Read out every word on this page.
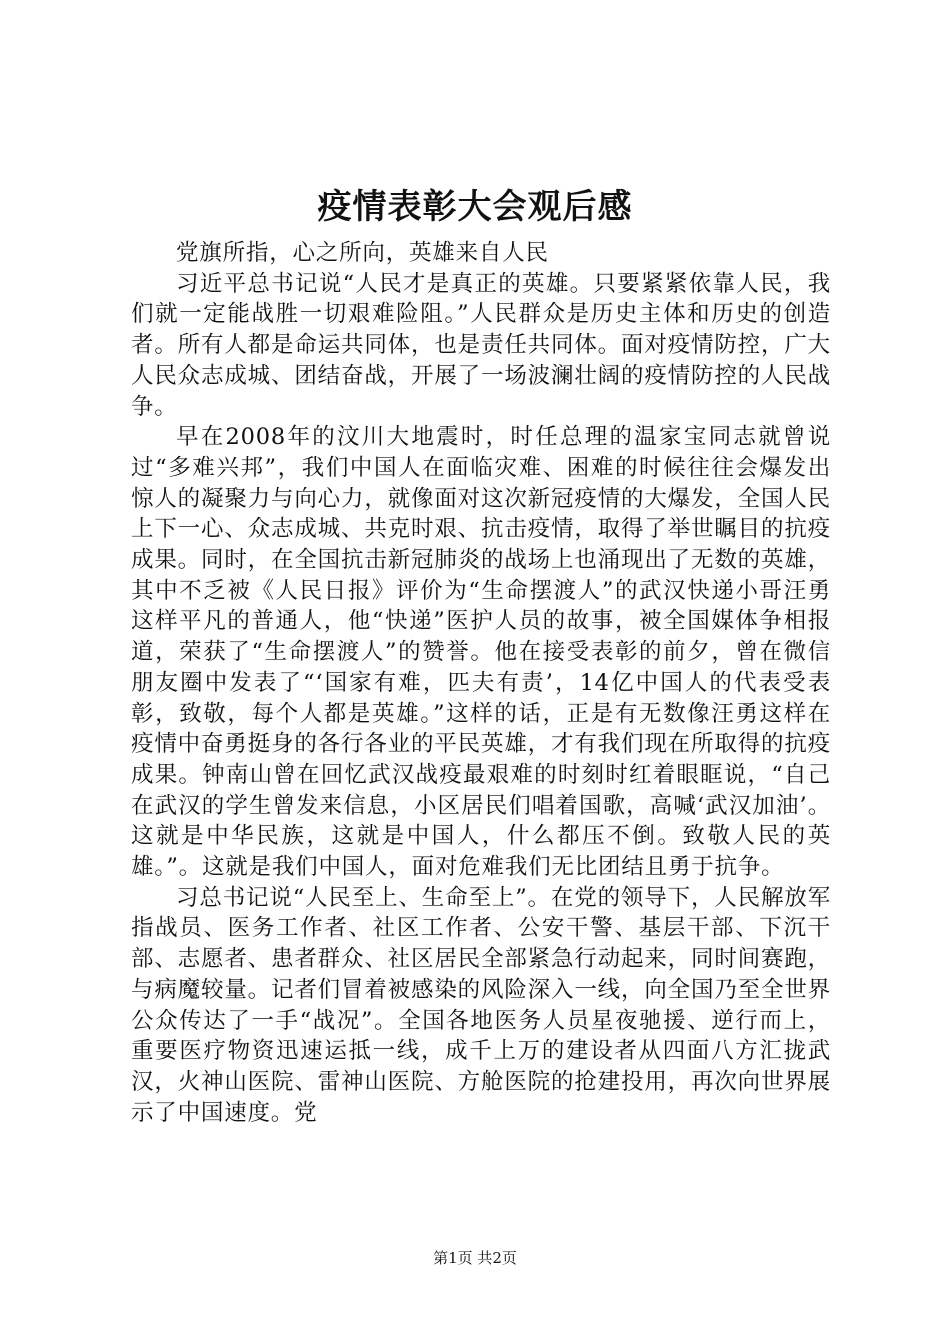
疫情表彰大会观后感

党旗所指，心之所向，英雄来自人民

习近平总书记说“人民才是真正的英雄。只要紧紧依靠人民，我们就一定能战胜一切艰难险阻。”人民群众是历史主体和历史的创造者。所有人都是命运共同体，也是责任共同体。面对疫情防控，广大人民众志成城、团结奋战，开展了一场波澜壮阔的疫情防控的人民战争。

早在2008年的汶川大地震时，时任总理的温家宝同志就曾说过“多难兴邦”，我们中国人在面临灾难、困难的时候往往会爆发出惊人的凝聚力与向心力，就像面对这次新冠疫情的大爆发，全国人民上下一心、众志成城、共克时艰、抗击疫情，取得了举世瞩目的抗疫成果。同时，在全国抗击新冠肺炎的战场上也涌现出了无数的英雄，其中不乏被《人民日报》评价为“生命摆渡人”的武汉快递小哥汪勇这样平凡的普通人，他“快递”医护人员的故事，被全国媒体争相报道，荣获了“生命摆渡人”的赞誉。他在接受表彰的前夕，曾在微信朋友圈中发表了“‘国家有难，匹夫有责’，14亿中国人的代表受表彰，致敬，每个人都是英雄。”这样的话，正是有无数像汪勇这样在疫情中奋勇挺身的各行各业的平民英雄，才有我们现在所取得的抗疫成果。钟南山曾在回忆武汉战疫最艰难的时刻时红着眼眶说，“自己在武汉的学生曾发来信息，小区居民们唱着国歌，高喊‘武汉加油’。这就是中华民族，这就是中国人，什么都压不倒。致敬人民的英雄。”。这就是我们中国人，面对危难我们无比团结且勇于抗争。

习总书记说“人民至上、生命至上”。在党的领导下，人民解放军指战员、医务工作者、社区工作者、公安干警、基层干部、下沉干部、志愿者、患者群众、社区居民全部紧急行动起来，同时间赛跑，与病魔较量。记者们冒着被感染的风险深入一线，向全国乃至全世界公众传达了一手“战况”。全国各地医务人员星夜驰援、逆行而上，重要医疗物资迅速运抵一线，成千上万的建设者从四面八方汇拢武汉，火神山医院、雷神山医院、方舱医院的抢建投用，再次向世界展示了中国速度。党

第1页 共2页
